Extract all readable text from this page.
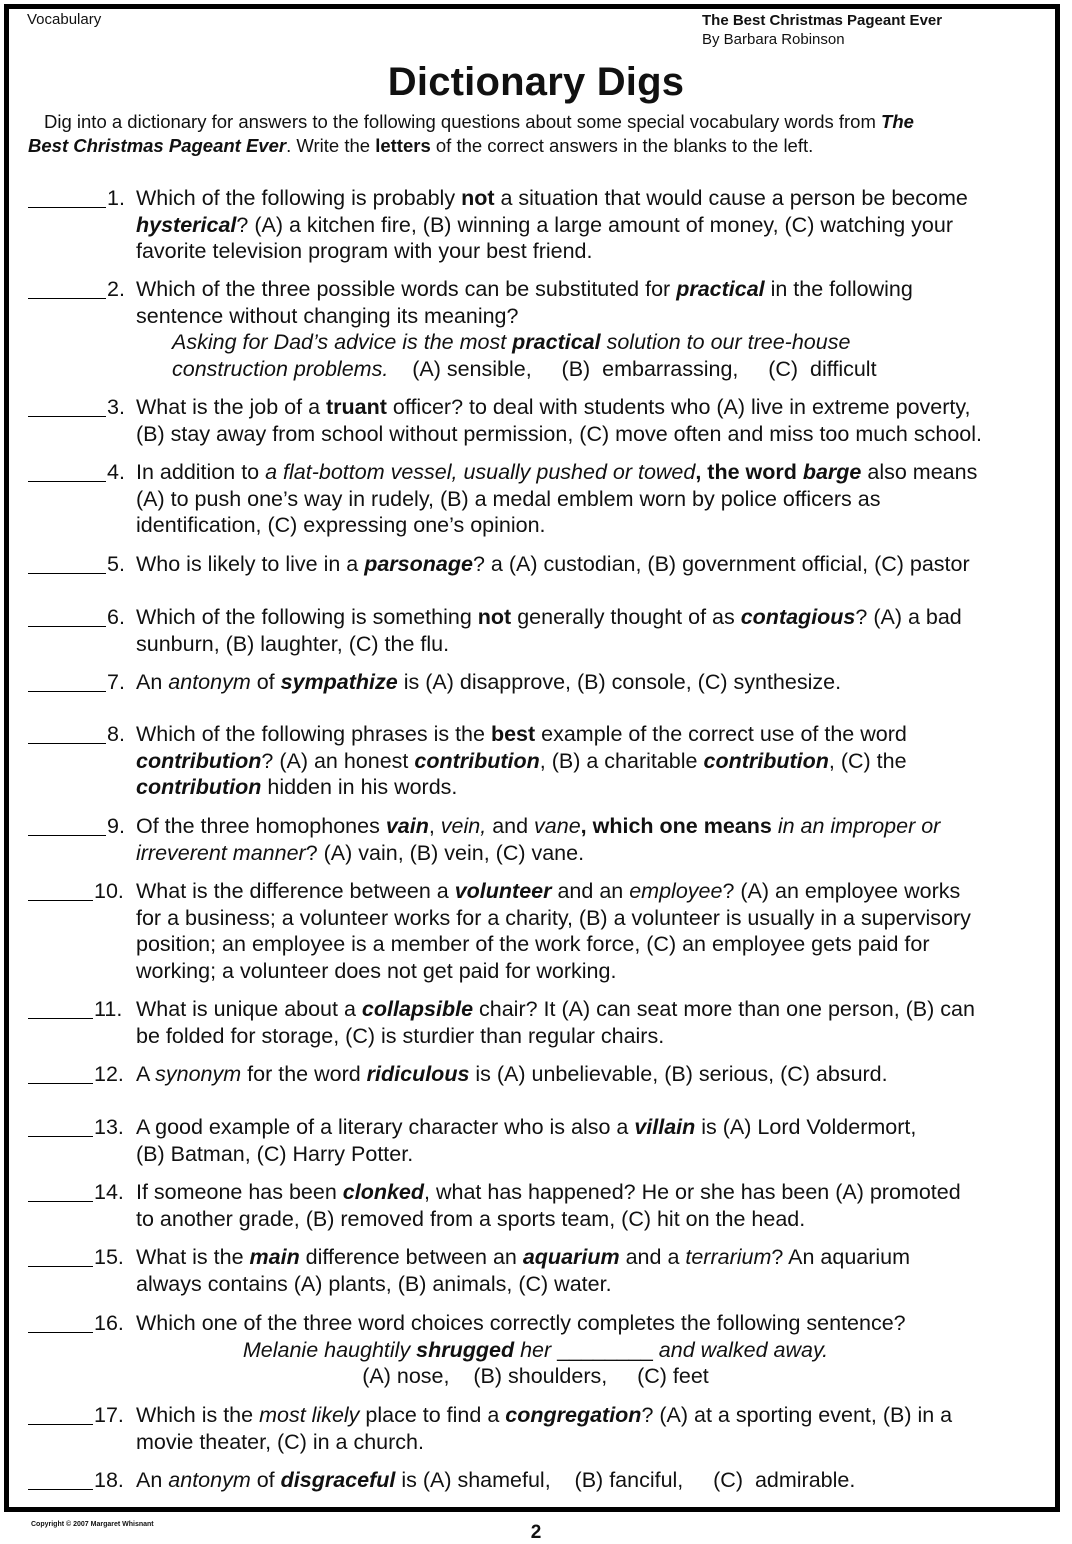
Vocabulary	The Best Christmas Pageant Ever
By Barbara Robinson
Dictionary Digs
Dig into a dictionary for answers to the following questions about some special vocabulary words from The
Best Christmas Pageant Ever. Write the letters of the correct answers in the blanks to the left.
1. Which of the following is probably not a situation that would cause a person be become
hysterical? (A) a kitchen fire, (B) winning a large amount of money, (C) watching your
favorite television program with your best friend.
2. Which of the three possible words can be substituted for practical in the following
sentence without changing its meaning?
Asking for Dad’s advice is the most practical solution to our tree-house
construction problems.    (A) sensible,     (B)  embarrassing,     (C)  difficult
3. What is the job of a truant officer? to deal with students who (A) live in extreme poverty,
(B) stay away from school without permission, (C) move often and miss too much school.
4. In addition to a flat-bottom vessel, usually pushed or towed, the word barge also means
(A) to push one’s way in rudely, (B) a medal emblem worn by police officers as
identification, (C) expressing one’s opinion.
5. Who is likely to live in a parsonage? a (A) custodian, (B) government official, (C) pastor
6. Which of the following is something not generally thought of as contagious? (A) a bad
sunburn, (B) laughter, (C) the flu.
7. An antonym of sympathize is (A) disapprove, (B) console, (C) synthesize.
8. Which of the following phrases is the best example of the correct use of the word
contribution? (A) an honest contribution, (B) a charitable contribution, (C) the
contribution hidden in his words.
9. Of the three homophones vain, vein, and vane, which one means in an improper or
irreverent manner? (A) vain, (B) vein, (C) vane.
10. What is the difference between a volunteer and an employee? (A) an employee works
for a business; a volunteer works for a charity, (B) a volunteer is usually in a supervisory
position; an employee is a member of the work force, (C) an employee gets paid for
working; a volunteer does not get paid for working.
11. What is unique about a collapsible chair? It (A) can seat more than one person, (B) can
be folded for storage, (C) is sturdier than regular chairs.
12. A synonym for the word ridiculous is (A) unbelievable, (B) serious, (C) absurd.
13. A good example of a literary character who is also a villain is (A) Lord Voldermort,
(B) Batman, (C) Harry Potter.
14. If someone has been clonked, what has happened? He or she has been (A) promoted
to another grade, (B) removed from a sports team, (C) hit on the head.
15. What is the main difference between an aquarium and a terrarium? An aquarium
always contains (A) plants, (B) animals, (C) water.
16. Which one of the three word choices correctly completes the following sentence?
Melanie haughtily shrugged her ________ and walked away.
(A) nose,    (B) shoulders,     (C) feet
17. Which is the most likely place to find a congregation? (A) at a sporting event, (B) in a
movie theater, (C) in a church.
18. An antonym of disgraceful is (A) shameful,    (B) fanciful,     (C)  admirable.
Copyright © 2007 Margaret Whisnant	2
